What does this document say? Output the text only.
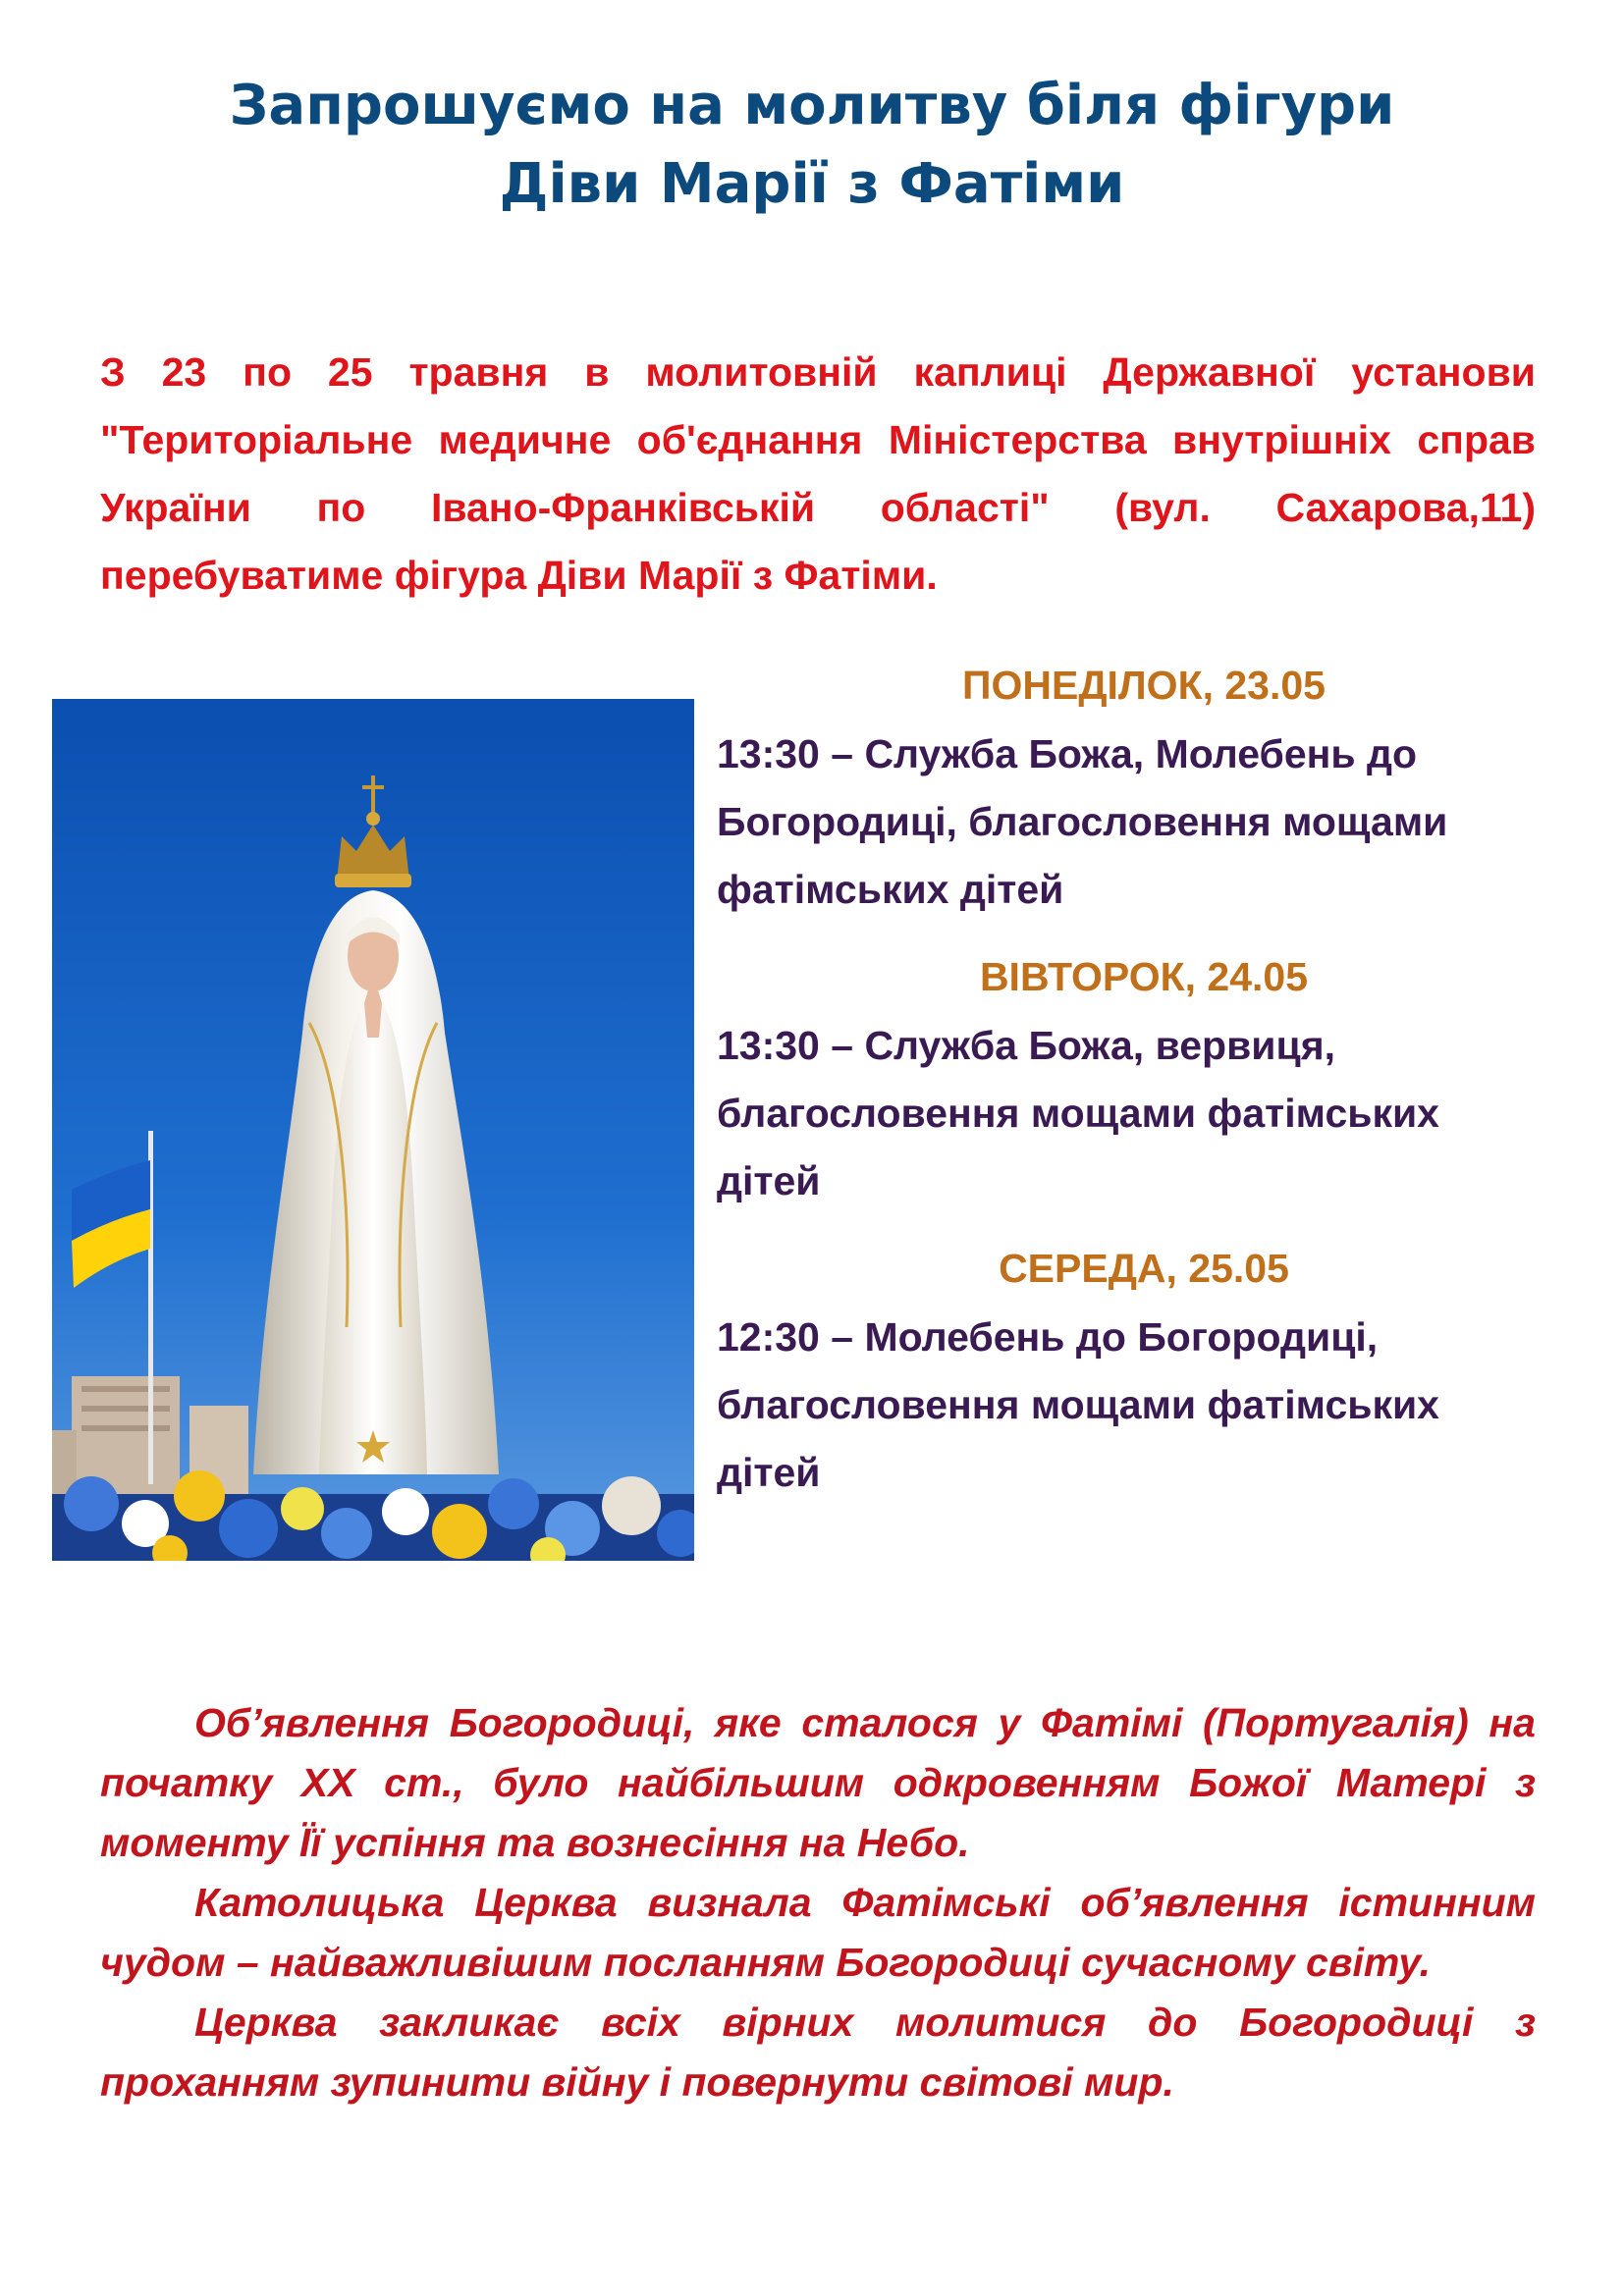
Запрошуємо на молитву біля фігури
Діви Марії з Фатіми

З 23 по 25 травня в молитовній каплиці Державної установи "Територіальне медичне об'єднання Міністерства внутрішніх справ України по Івано-Франківській області" (вул. Сахарова,11) перебуватиме фігура Діви Марії з Фатіми.

ПОНЕДІЛОК, 23.05

13:30 – Служба Божа, Молебень до Богородиці, благословення мощами фатімських дітей

ВІВТОРОК, 24.05

13:30 – Служба Божа, вервиця, благословення мощами фатімських дітей

СЕРЕДА, 25.05

12:30 – Молебень до Богородиці, благословення мощами фатімських дітей

Об’явлення Богородиці, яке сталося у Фатімі (Португалія) на початку ХХ ст., було найбільшим одкровенням Божої Матері з моменту Її успіння та вознесіння на Небо.

Католицька Церква визнала Фатімські об’явлення істинним чудом – найважливішим посланням Богородиці сучасному світу.

Церква закликає всіх вірних молитися до Богородиці з проханням зупинити війну і повернути світові мир.
